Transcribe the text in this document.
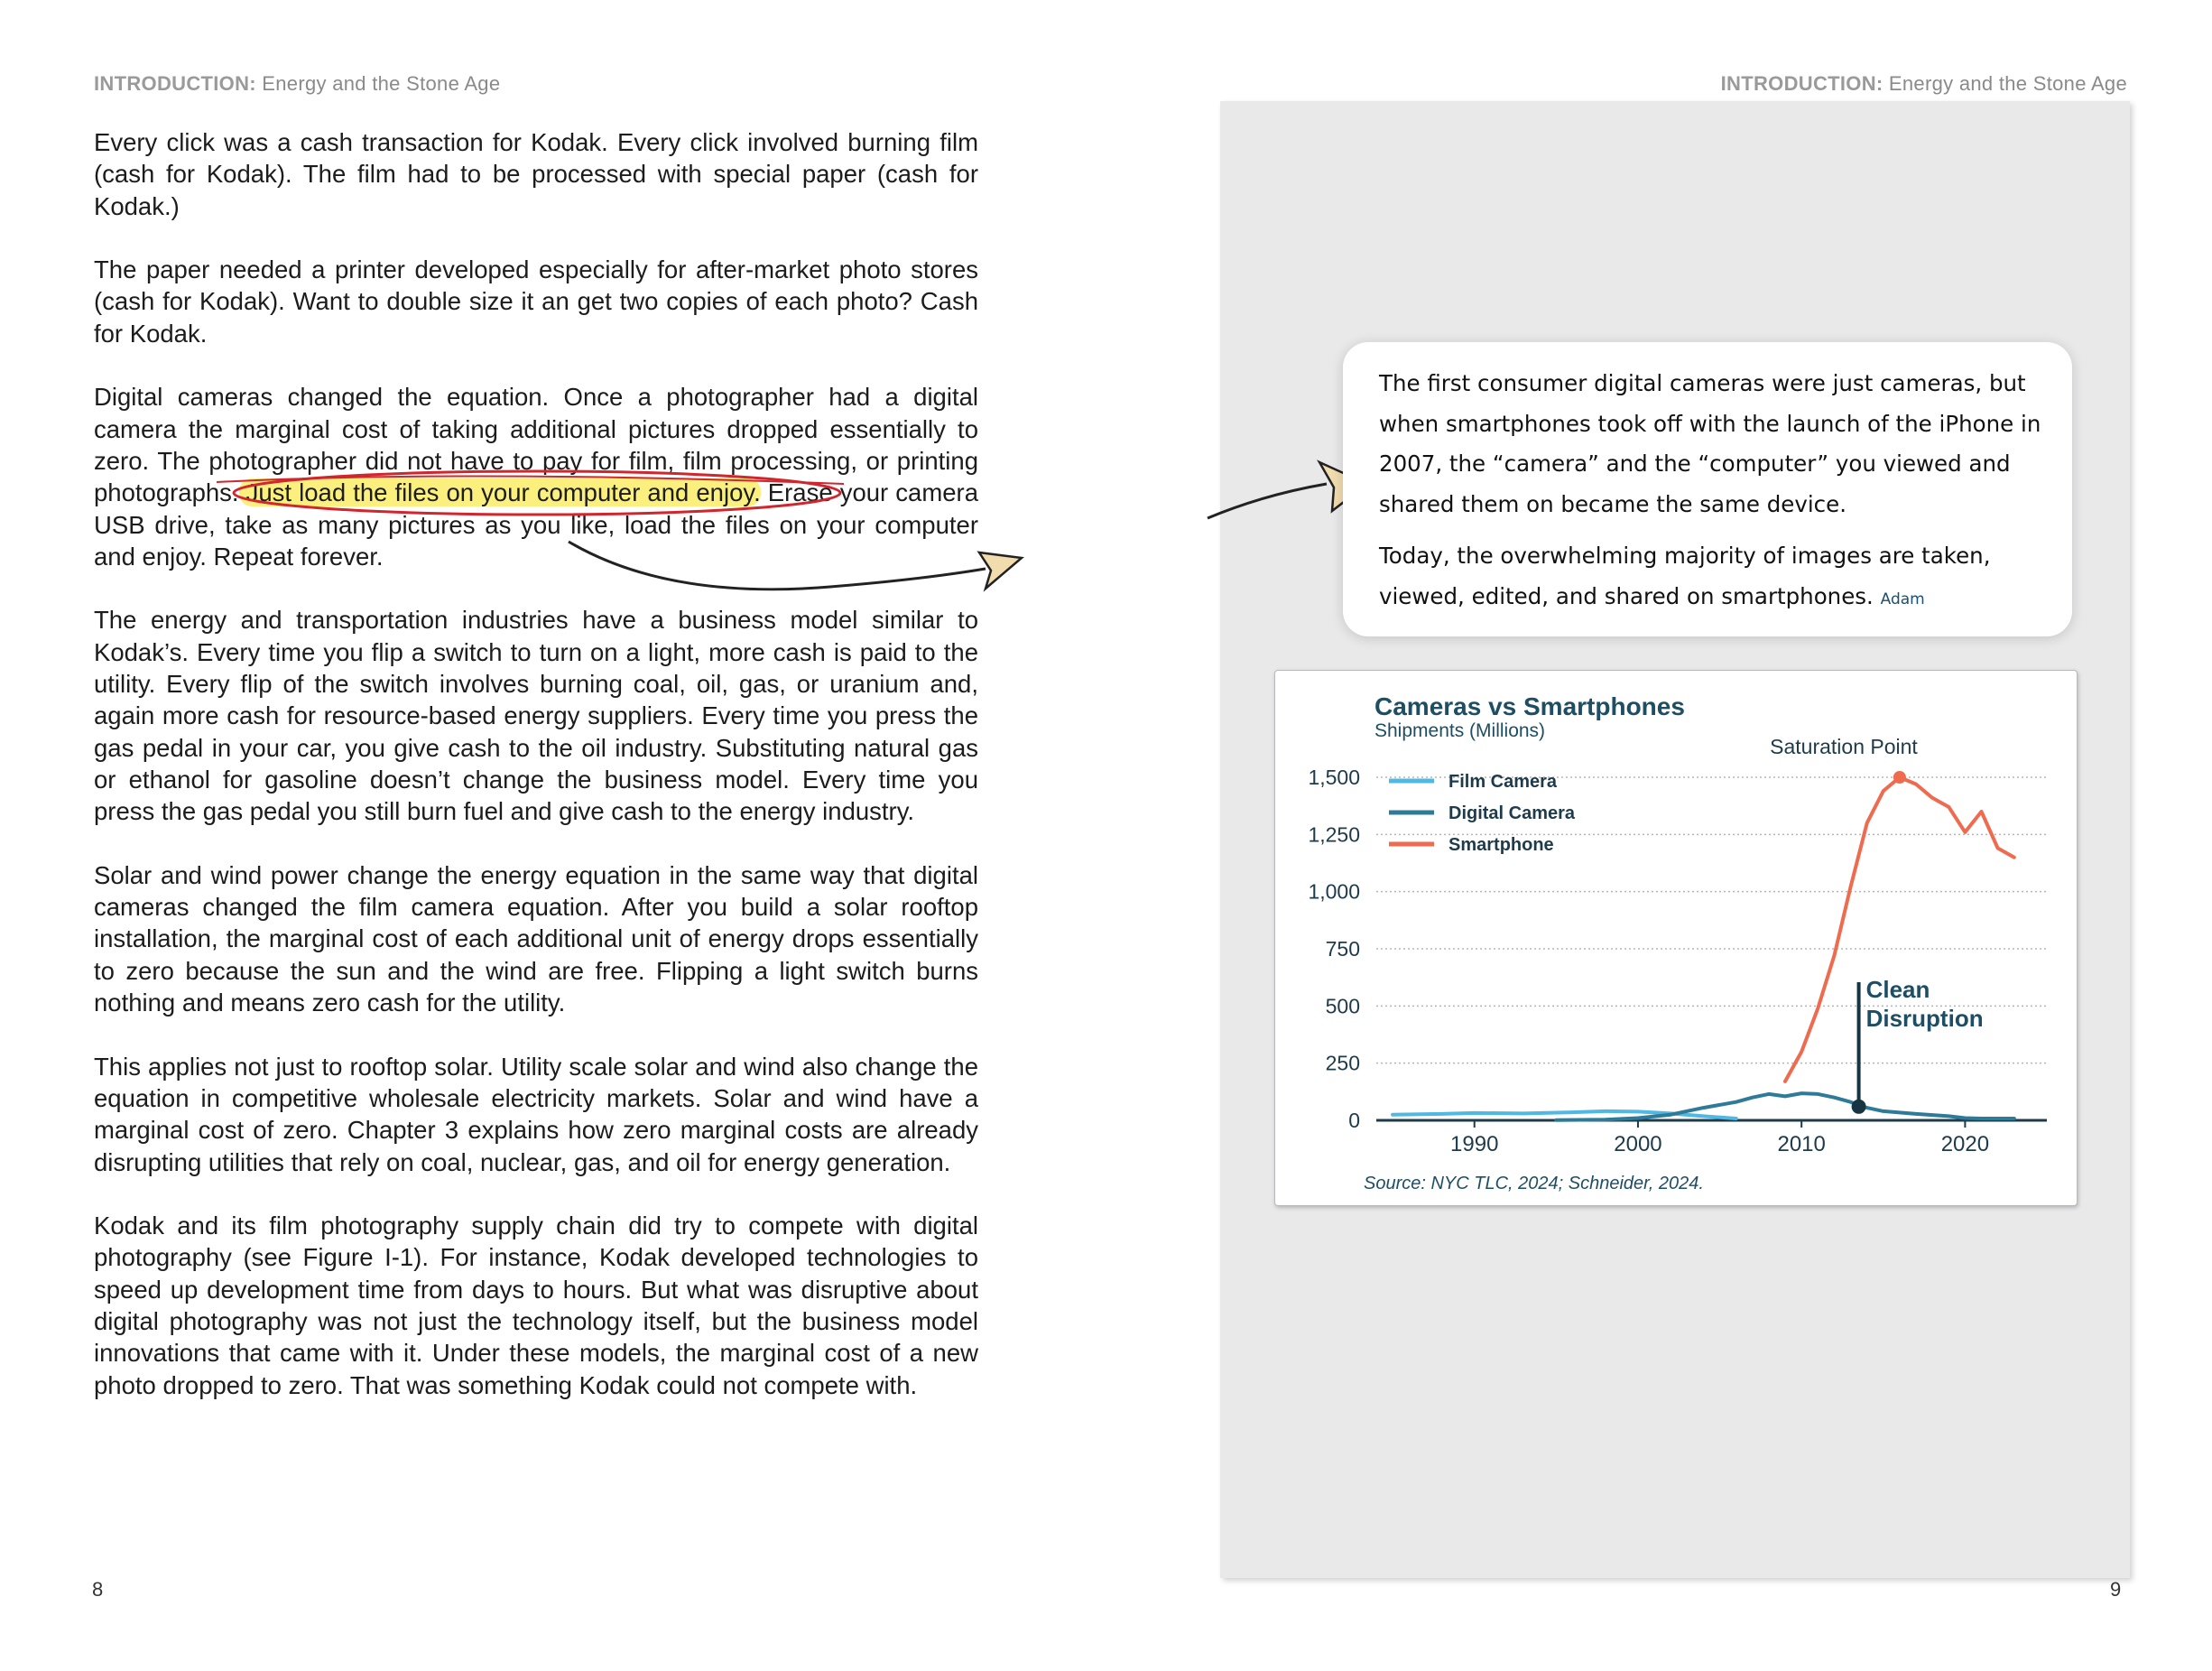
INTRODUCTION: Energy and the Stone Age	INTRODUCTION: Energy and the Stone Age

Every click was a cash transaction for Kodak. Every click involved burning film (cash for Kodak). The film had to be processed with special paper (cash for Kodak.)

The paper needed a printer developed especially for after-market photo stores (cash for Kodak). Want to double size it an get two copies of each photo? Cash for Kodak.

Digital cameras changed the equation. Once a photographer had a digital camera the marginal cost of taking additional pictures dropped essentially to zero. The photographer did not have to pay for film, film processing, or printing photographs. Just load the files on your computer and enjoy. Erase your camera USB drive, take as many pictures as you like, load the files on your computer and enjoy. Repeat forever.

The energy and transportation industries have a business model similar to Kodak’s. Every time you flip a switch to turn on a light, more cash is paid to the utility. Every flip of the switch involves burning coal, oil, gas, or uranium and, again more cash for resource-based energy suppliers. Every time you press the gas pedal in your car, you give cash to the oil industry. Substituting natural gas or ethanol for gasoline doesn’t change the business model. Every time you press the gas pedal you still burn fuel and give cash to the energy industry.

Solar and wind power change the energy equation in the same way that digital cameras changed the film camera equation. After you build a solar rooftop installation, the marginal cost of each additional unit of energy drops essentially to zero because the sun and the wind are free. Flipping a light switch burns nothing and means zero cash for the utility.

This applies not just to rooftop solar. Utility scale solar and wind also change the equation in competitive wholesale electricity markets. Solar and wind have a marginal cost of zero. Chapter 3 explains how zero marginal costs are already disrupting utilities that rely on coal, nuclear, gas, and oil for energy generation.

Kodak and its film photography supply chain did try to compete with digital photography (see Figure I-1). For instance, Kodak developed technologies to speed up development time from days to hours. But what was disruptive about digital photography was not just the technology itself, but the business model innovations that came with it. Under these models, the marginal cost of a new photo dropped to zero. That was something Kodak could not compete with.

The first consumer digital cameras were just cameras, but when smartphones took off with the launch of the iPhone in 2007, the “camera” and the “computer” you viewed and shared them on became the same device.

Today, the overwhelming majority of images are taken, viewed, edited, and shared on smartphones. Adam

Cameras vs Smartphones
Shipments (Millions)
0
250
500
750
1,000
1,250
1,500
1990	2000	2010	2020
Film Camera
Digital Camera
Smartphone
Saturation Point
Clean
Disruption
Source: NYC TLC, 2024; Schneider, 2024.
8	9
